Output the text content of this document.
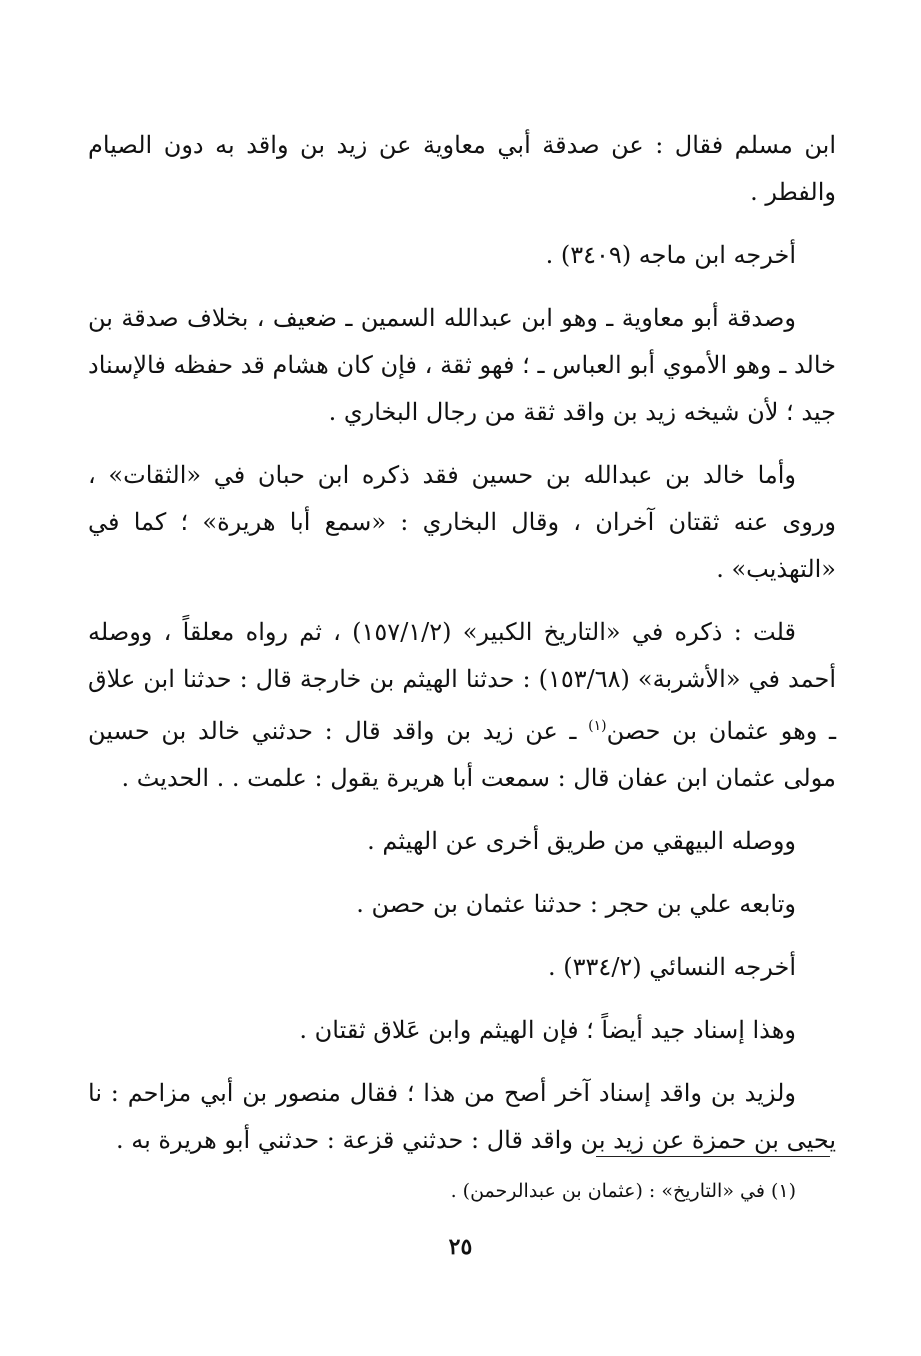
ابن مسلم فقال : عن صدقة أبي معاوية عن زيد بن واقد به دون الصيام والفطر .

أخرجه ابن ماجه (٣٤٠٩) .

وصدقة أبو معاوية ـ وهو ابن عبدالله السمين ـ ضعيف ، بخلاف صدقة بن خالد ـ وهو الأموي أبو العباس ـ ؛ فهو ثقة ، فإن كان هشام قد حفظه فالإسناد جيد ؛ لأن شيخه زيد بن واقد ثقة من رجال البخاري .

وأما خالد بن عبدالله بن حسين فقد ذكره ابن حبان في «الثقات» ، وروى عنه ثقتان آخران ، وقال البخاري : «سمع أبا هريرة» ؛ كما في «التهذيب» .

قلت : ذكره في «التاريخ الكبير» (١٥٧/١/٢) ، ثم رواه معلقاً ، ووصله أحمد في «الأشربة» (١٥٣/٦٨) : حدثنا الهيثم بن خارجة قال : حدثنا ابن علاق ـ وهو عثمان بن حصن$^{(١)}$ ـ عن زيد بن واقد قال : حدثني خالد بن حسين مولى عثمان ابن عفان قال : سمعت أبا هريرة يقول : علمت . . الحديث .

ووصله البيهقي من طريق أخرى عن الهيثم .

وتابعه علي بن حجر : حدثنا عثمان بن حصن .

أخرجه النسائي (٣٣٤/٢) .

وهذا إسناد جيد أيضاً ؛ فإن الهيثم وابن عَلاق ثقتان .

ولزيد بن واقد إسناد آخر أصح من هذا ؛ فقال منصور بن أبي مزاحم : نا يحيى بن حمزة عن زيد بن واقد قال : حدثني قزعة : حدثني أبو هريرة به .

(١) في «التاريخ» : (عثمان بن عبدالرحمن) .
٢٥
